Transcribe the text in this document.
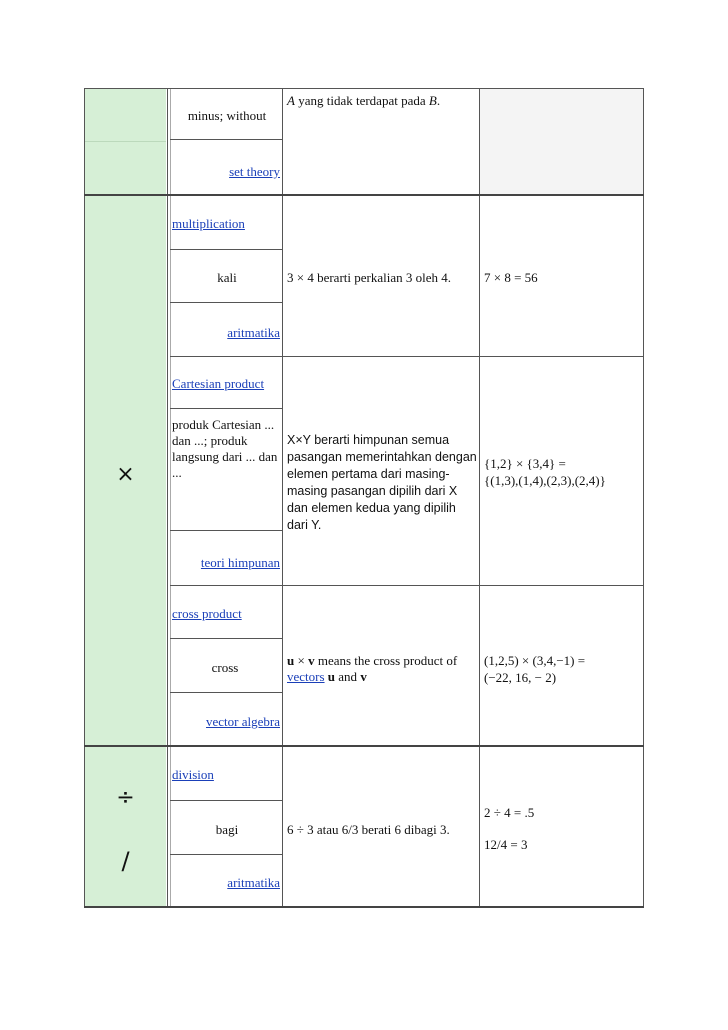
×
÷
/
minus; without
set theory
A yang tidak terdapat pada B.
multiplication
kali
aritmatika
3 × 4 berarti perkalian 3 oleh 4.	7 × 8 = 56
Cartesian product
produk Cartesian ... dan ...; produk langsung dari ... dan ...
teori himpunan
X×Y berarti himpunan semua pasangan memerintahkan dengan elemen pertama dari masing-masing pasangan dipilih dari X dan elemen kedua yang dipilih dari Y.
{1,2} × {3,4} =
{(1,3),(1,4),(2,3),(2,4)}
cross product
cross
vector algebra
u × v means the cross product of
vectors u and v
(1,2,5) × (3,4,−1) =
(−22, 16, − 2)
division
bagi
aritmatika
6 ÷ 3 atau 6/3 berati 6 dibagi 3.
2 ÷ 4 = .5
12/4 = 3
